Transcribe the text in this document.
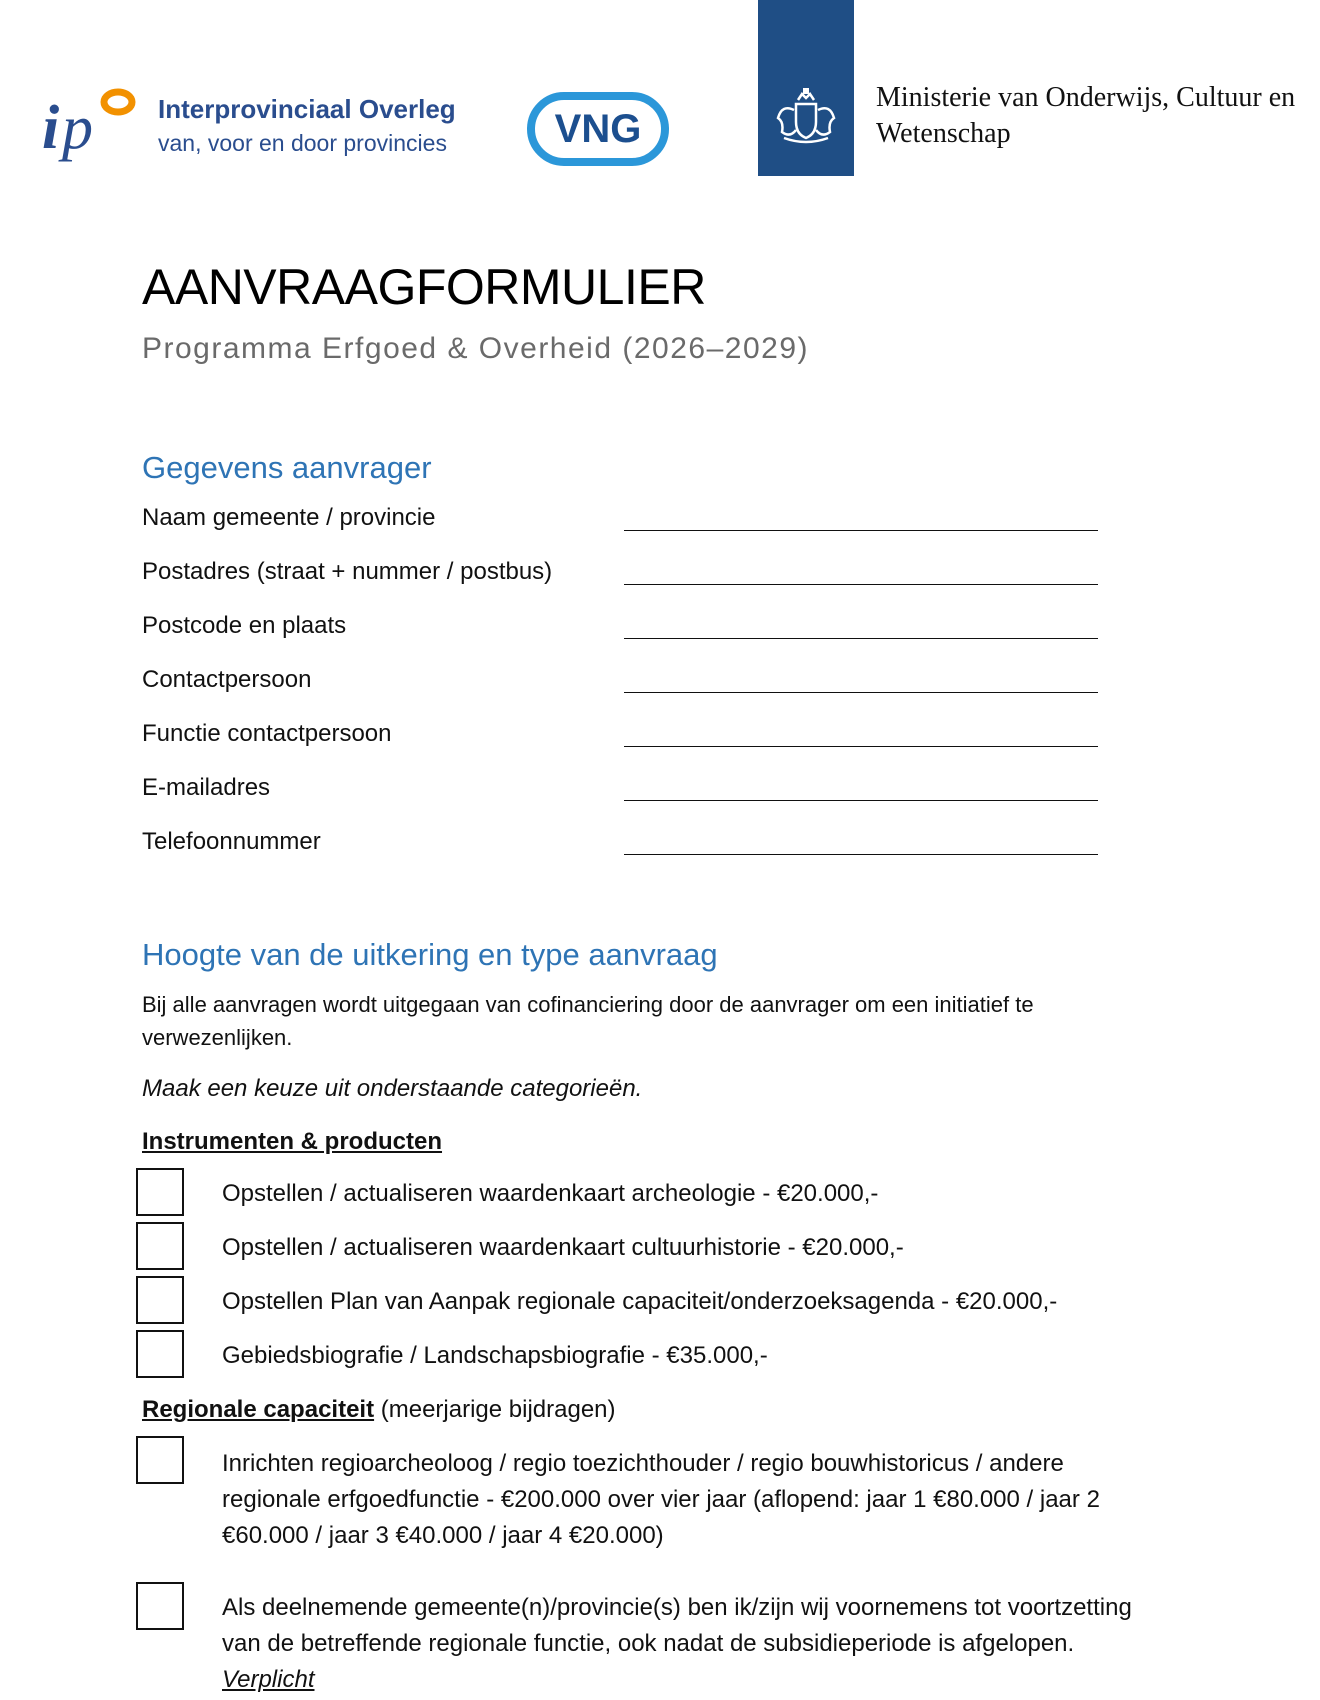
i p	Interprovinciaal Overleg
van, voor en door provincies	VNG
Ministerie van Onderwijs, Cultuur en Wetenschap
AANVRAAGFORMULIER
Programma Erfgoed & Overheid (2026–2029)
Gegevens aanvrager
Naam gemeente / provincie
Postadres (straat + nummer / postbus)
Postcode en plaats
Contactpersoon
Functie contactpersoon
E-mailadres
Telefoonnummer
Hoogte van de uitkering en type aanvraag
Bij alle aanvragen wordt uitgegaan van cofinanciering door de aanvrager om een initiatief te verwezenlijken.
Maak een keuze uit onderstaande categorieën.
Instrumenten & producten
Opstellen / actualiseren waardenkaart archeologie - €20.000,-
Opstellen / actualiseren waardenkaart cultuurhistorie - €20.000,-
Opstellen Plan van Aanpak regionale capaciteit/onderzoeksagenda - €20.000,-
Gebiedsbiografie / Landschapsbiografie - €35.000,-
Regionale capaciteit (meerjarige bijdragen)
Inrichten regioarcheoloog / regio toezichthouder / regio bouwhistoricus / andere regionale erfgoedfunctie - €200.000 over vier jaar (aflopend: jaar 1 €80.000 / jaar 2 €60.000 / jaar 3 €40.000 / jaar 4 €20.000)
Als deelnemende gemeente(n)/provincie(s) ben ik/zijn wij voornemens tot voortzetting van de betreffende regionale functie, ook nadat de subsidieperiode is afgelopen.  Verplicht
